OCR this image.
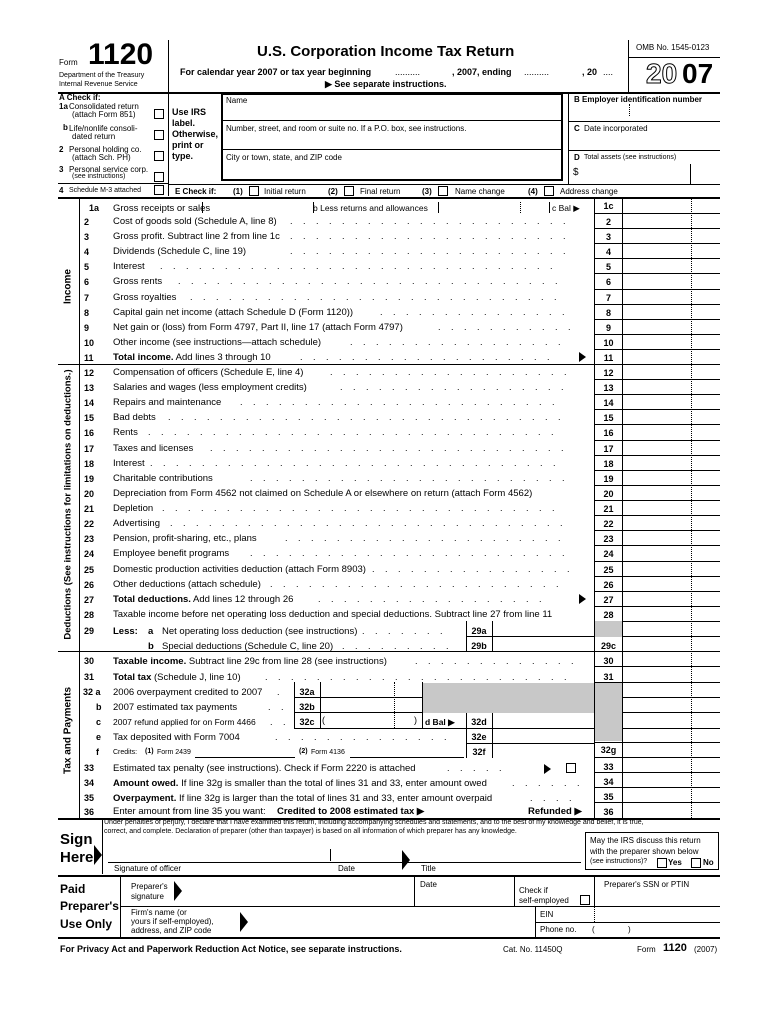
Form 1120
Department of the Treasury
Internal Revenue Service
U.S. Corporation Income Tax Return
For calendar year 2007 or tax year beginning	..........	, 2007, ending ..........	, 20 ....
▶ See separate instructions.
OMB No. 1545-0123
20 07
A Check if:
1a Consolidated return
(attach Form 851)
b Life/nonlife consoli-
dated return
2 Personal holding co.
(attach Sch. PH)
3 Personal service corp.
(see instructions)
4 Schedule M-3 attached
Use IRS
label.
Otherwise,
print or
type.
Name
Number, street, and room or suite no. If a P.O. box, see instructions.
City or town, state, and ZIP code
B Employer identification number
C Date incorporated
D Total assets (see instructions)
$
E Check if: (1)	Initial return	(2)	Final return	(3)	Name change	(4)	Address change
Income
Deductions (See instructions for limitations on deductions.)
Tax and Payments
1a Gross receipts or sales	b Less returns and allowances	c Bal ▶	1c
2	Cost of goods sold (Schedule A, line 8) . . . . . . . . . . . . . . . . . . . . . .	2
3	Gross profit. Subtract line 2 from line 1c . . . . . . . . . . . . . . . . . . . . . .	3
4	Dividends (Schedule C, line 19)	. . . . . . . . . . . . . . . . . . . . . .	4
5	Interest . . . . . . . . . . . . . . . . . . . . . . . . . . . . . . .	5
6	Gross rents . . . . . . . . . . . . . . . . . . . . . . . . . . . . . .	6
7	Gross royalties . . . . . . . . . . . . . . . . . . . . . . . . . . . . .	7
8	Capital gain net income (attach Schedule D (Form 1120))	. . . . . . . . . . . . . . .	8
9	Net gain or (loss) from Form 4797, Part II, line 17 (attach Form 4797)	. . . . . . . . . . .	9
10 Other income (see instructions—attach schedule)	. . . . . . . . . . . . . . . . .	10
11 Total income. Add lines 3 through 10	. . . . . . . . . . . . . . . . . . . .	11
12 Compensation of officers (Schedule E, line 4)	. . . . . . . . . . . . . . . . . . .	12
13 Salaries and wages (less employment credits)	. . . . . . . . . . . . . . . . . .	13
14 Repairs and maintenance . . . . . . . . . . . . . . . . . . . . . . . . .	14
15 Bad debts . . . . . . . . . . . . . . . . . . . . . . . . . . . . . . .	15
16 Rents . . . . . . . . . . . . . . . . . . . . . . . . . . . . . . . .	16
17 Taxes and licenses . . . . . . . . . . . . . . . . . . . . . . . . . . . .	17
18 Interest . . . . . . . . . . . . . . . . . . . . . . . . . . . . . . . .	18
19 Charitable contributions	. . . . . . . . . . . . . . . . . . . . . . . . .	19
20 Depreciation from Form 4562 not claimed on Schedule A or elsewhere on return (attach Form 4562)	20
21 Depletion . . . . . . . . . . . . . . . . . . . . . . . . . . . . . . .	21
22 Advertising . . . . . . . . . . . . . . . . . . . . . . . . . . . . . . .	22
23 Pension, profit-sharing, etc., plans	. . . . . . . . . . . . . . . . . . . . . .	23
24 Employee benefit programs . . . . . . . . . . . . . . . . . . . . . . . . .	24
25 Domestic production activities deduction (attach Form 8903) . . . . . . . . . . . . . . . .	25
26 Other deductions (attach schedule) . . . . . . . . . . . . . . . . . . . . . . .	26
27 Total deductions. Add lines 12 through 26	. . . . . . . . . . . . . . . . . .	27
28 Taxable income before net operating loss deduction and special deductions. Subtract line 27 from line 11	28
29 Less: a Net operating loss deduction (see instructions) . . . . . . .	29a
b Special deductions (Schedule C, line 20) . . . . . . . . .	29b	29c
30 Taxable income. Subtract line 29c from line 28 (see instructions)	. . . . . . . . . . . . .	30
31 Total tax (Schedule J, line 10)	. . . . . . . . . . . . . . . . . . . . . . . .	31
32 a 2006 overpayment credited to 2007 .	32a
b 2007 estimated tax payments	. .	32b
c 2007 refund applied for on Form 4466 . .	32c (	) d Bal ▶	32d
e Tax deposited with Form 7004	. . . . . . . . . . . . . .	32e
f Credits: (1) Form 2439	(2) Form 4136	32f	32g
33 Estimated tax penalty (see instructions). Check if Form 2220 is attached	. . . . .	33
34 Amount owed. If line 32g is smaller than the total of lines 31 and 33, enter amount owed	. . . . . .	34
35 Overpayment. If line 32g is larger than the total of lines 31 and 33, enter amount overpaid	. . . .	35
36 Enter amount from line 35 you want: Credited to 2008 estimated tax ▶	Refunded ▶	36
Sign
Here
Under penalties of perjury, I declare that I have examined this return, including accompanying schedules and statements, and to the best of my knowledge and belief, it is true,
correct, and complete. Declaration of preparer (other than taxpayer) is based on all information of which preparer has any knowledge.
Signature of officer	Date	Title
May the IRS discuss this return
with the preparer shown below
(see instructions)?	Yes	No
Paid
Preparer's
Use Only
Preparer's
signature
Date
Check if
self-employed
Preparer's SSN or PTIN
Firm's name (or
yours if self-employed),
address, and ZIP code
EIN
Phone no. (	)
For Privacy Act and Paperwork Reduction Act Notice, see separate instructions.	Cat. No. 11450Q	Form 1120 (2007)
